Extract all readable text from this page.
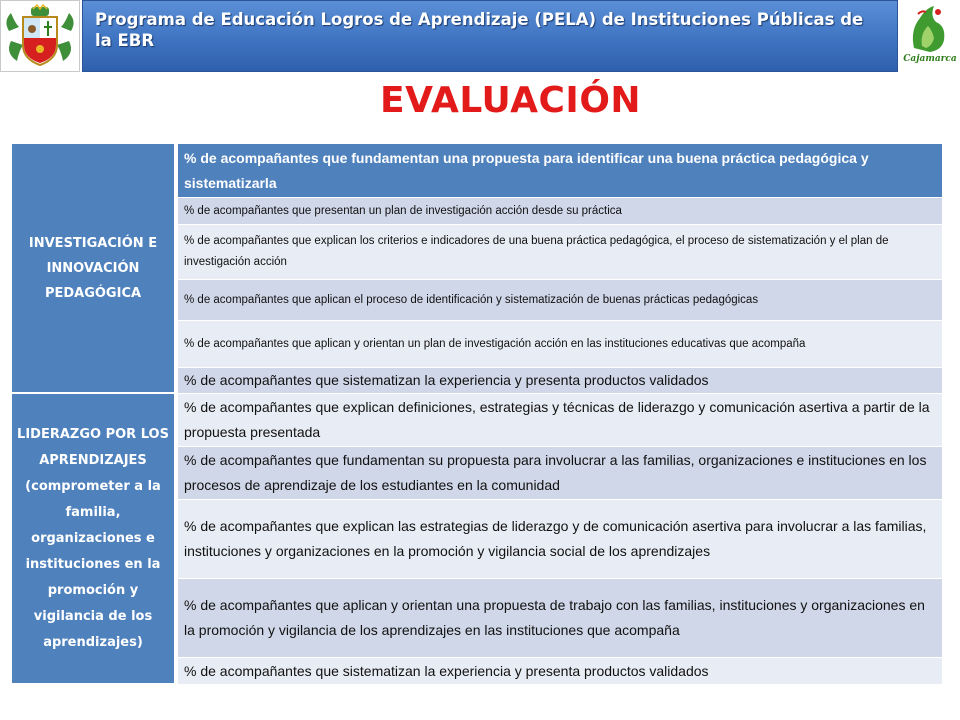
Programa de Educación Logros de Aprendizaje (PELA) de Instituciones Públicas de la EBR
Cajamarca
EVALUACIÓN
INVESTIGACIÓN E INNOVACIÓN PEDAGÓGICA
% de acompañantes que fundamentan una propuesta para identificar una buena práctica pedagógica y sistematizarla
% de acompañantes que presentan un plan de investigación acción desde su práctica
% de acompañantes que explican los criterios e indicadores de una buena práctica pedagógica, el proceso de sistematización y el plan de investigación acción
% de acompañantes que aplican el proceso de identificación y sistematización de buenas prácticas pedagógicas
% de acompañantes que aplican y orientan un plan de investigación acción en las instituciones educativas que acompaña
% de acompañantes que sistematizan la experiencia y presenta productos validados
LIDERAZGO POR LOS APRENDIZAJES (comprometer a la familia, organizaciones e instituciones en la promoción y vigilancia de los aprendizajes)
% de acompañantes que explican definiciones, estrategias y técnicas de liderazgo y comunicación asertiva a partir de la propuesta presentada
% de acompañantes que fundamentan su propuesta para involucrar a las familias, organizaciones e instituciones en los procesos de aprendizaje de los estudiantes en la comunidad
% de acompañantes que explican las estrategias de liderazgo y de comunicación asertiva para involucrar a las familias, instituciones y organizaciones en la promoción y vigilancia social de los aprendizajes
% de acompañantes que aplican y orientan una propuesta de trabajo con las familias, instituciones y organizaciones en la promoción y vigilancia de los aprendizajes en las instituciones que acompaña
% de acompañantes que sistematizan la experiencia y presenta productos validados
